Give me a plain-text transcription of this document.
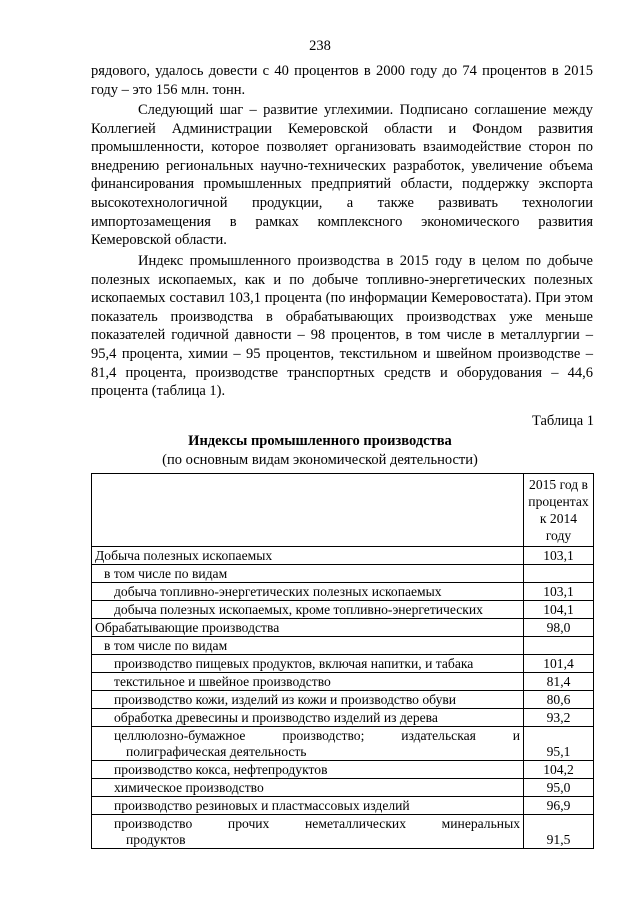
238

рядового, удалось довести с 40 процентов в 2000 году до 74 процентов в 2015 году – это 156 млн. тонн.

Следующий шаг – развитие углехимии. Подписано соглашение между Коллегией Администрации Кемеровской области и Фондом развития промышленности, которое позволяет организовать взаимодействие сторон по внедрению региональных научно-технических разработок, увеличение объема финансирования промышленных предприятий области, поддержку экспорта высокотехнологичной продукции, а также развивать технологии импортозамещения в рамках комплексного экономического развития Кемеровской области.

Индекс промышленного производства в 2015 году в целом по добыче полезных ископаемых, как и по добыче топливно-энергетических полезных ископаемых составил 103,1 процента (по информации Кемеровостата). При этом показатель производства в обрабатывающих производствах уже меньше показателей годичной давности – 98 процентов, в том числе в металлургии – 95,4 процента, химии – 95 процентов, текстильном и швейном производстве – 81,4 процента, производстве транспортных средств и оборудования – 44,6 процента (таблица 1).

Таблица 1
Индексы промышленного производства
(по основным видам экономической деятельности)
	2015 год в процентах к 2014 году
Добыча полезных ископаемых	103,1
в том числе по видам	
добыча топливно-энергетических полезных ископаемых	103,1
добыча полезных ископаемых, кроме топливно-энергетических	104,1
Обрабатывающие производства	98,0
в том числе по видам	
производство пищевых продуктов, включая напитки, и табака	101,4
текстильное и швейное производство	81,4
производство кожи, изделий из кожи и производство обуви	80,6
обработка древесины и производство изделий из дерева	93,2

целлюлозно-бумажное производство; издательская и
полиграфическая деятельность	95,1
производство кокса, нефтепродуктов	104,2
химическое производство	95,0
производство резиновых и пластмассовых изделий	96,9

производство прочих неметаллических минеральных
продуктов	91,5
